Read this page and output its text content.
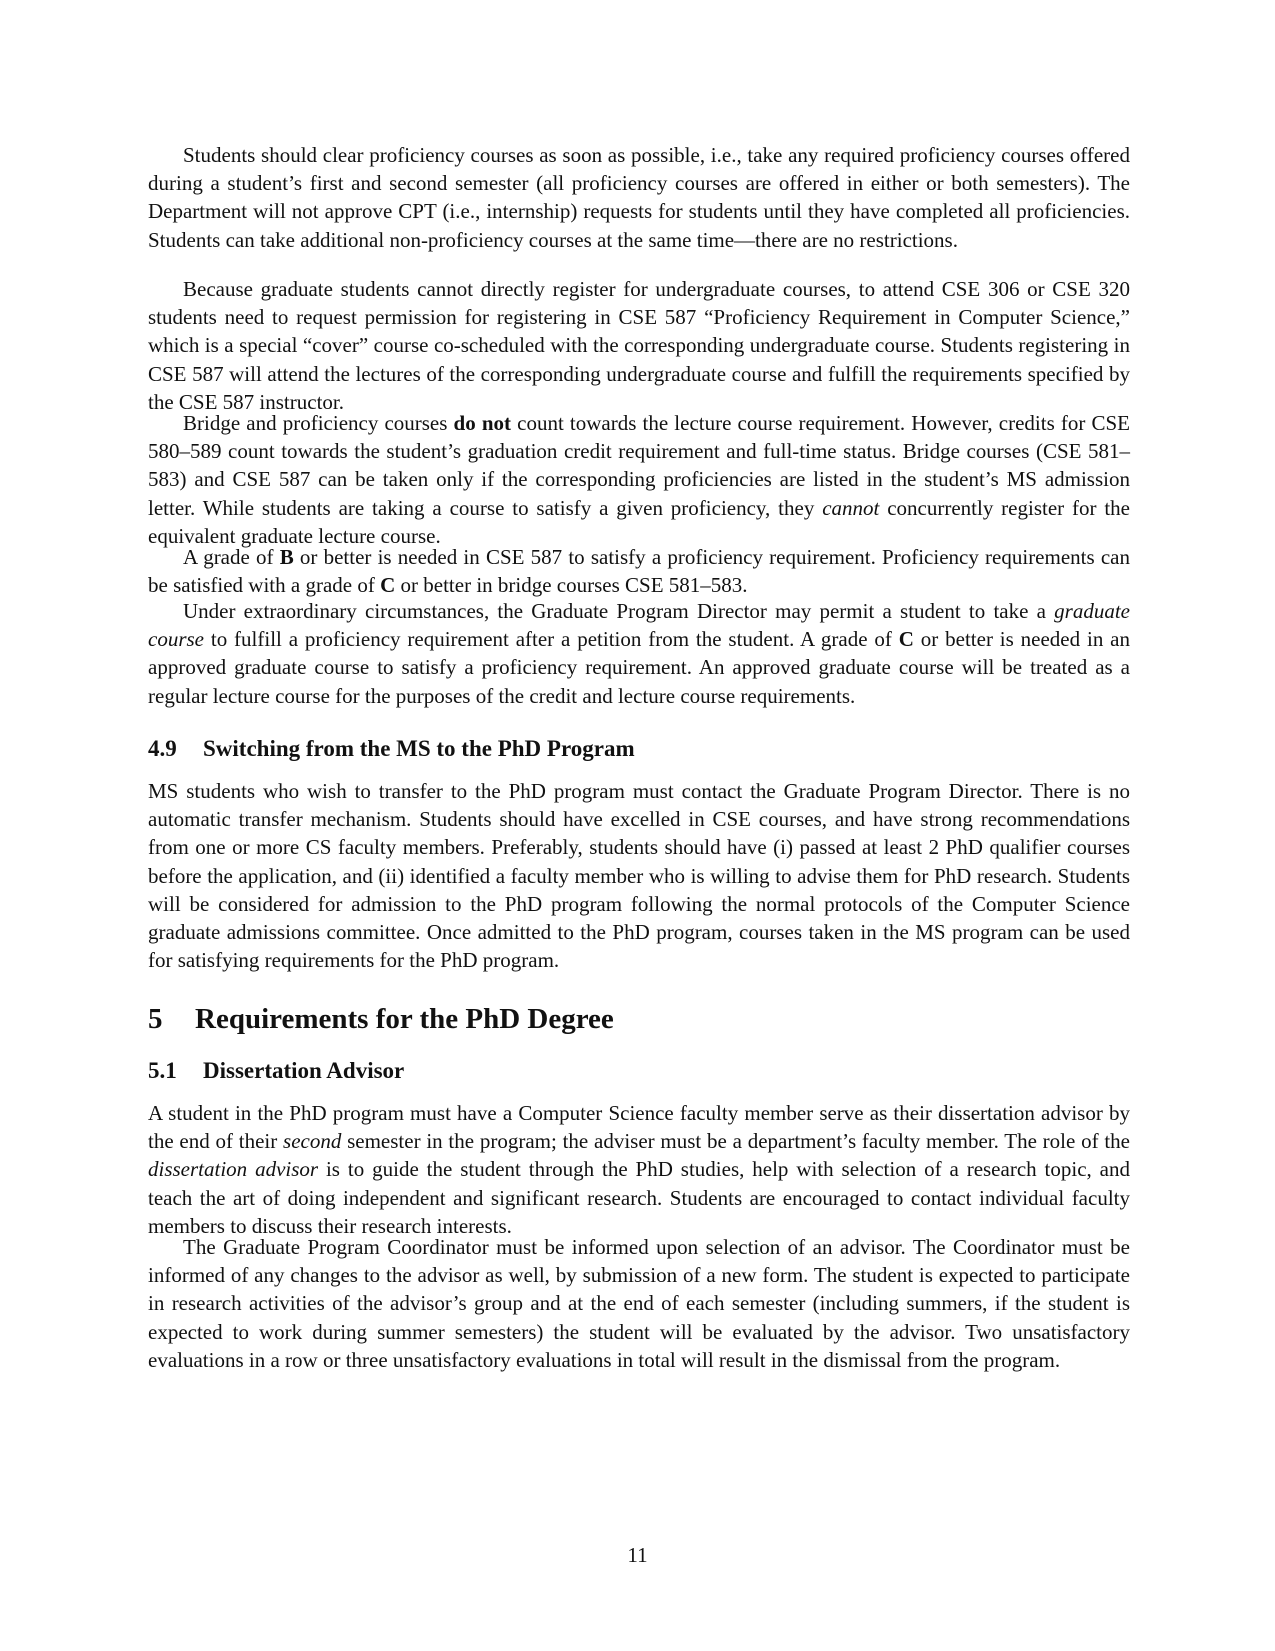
Students should clear proficiency courses as soon as possible, i.e., take any required proficiency courses offered during a student’s first and second semester (all proficiency courses are offered in either or both semesters). The Department will not approve CPT (i.e., internship) requests for students until they have completed all proficiencies. Students can take additional non-proficiency courses at the same time—there are no restrictions.

Because graduate students cannot directly register for undergraduate courses, to attend CSE 306 or CSE 320 students need to request permission for registering in CSE 587 “Proficiency Requirement in Computer Science,” which is a special “cover” course co-scheduled with the corresponding undergraduate course. Students registering in CSE 587 will attend the lectures of the corresponding undergraduate course and fulfill the requirements specified by the CSE 587 instructor.

Bridge and proficiency courses do not count towards the lecture course requirement. However, credits for CSE 580–589 count towards the student’s graduation credit requirement and full-time status. Bridge courses (CSE 581–583) and CSE 587 can be taken only if the corresponding proficiencies are listed in the student’s MS admission letter. While students are taking a course to satisfy a given proficiency, they cannot concurrently register for the equivalent graduate lecture course.

A grade of B or better is needed in CSE 587 to satisfy a proficiency requirement. Proficiency requirements can be satisfied with a grade of C or better in bridge courses CSE 581–583.

Under extraordinary circumstances, the Graduate Program Director may permit a student to take a graduate course to fulfill a proficiency requirement after a petition from the student. A grade of C or better is needed in an approved graduate course to satisfy a proficiency requirement. An approved graduate course will be treated as a regular lecture course for the purposes of the credit and lecture course requirements.

4.9 Switching from the MS to the PhD Program

MS students who wish to transfer to the PhD program must contact the Graduate Program Director. There is no automatic transfer mechanism. Students should have excelled in CSE courses, and have strong recommendations from one or more CS faculty members. Preferably, students should have (i) passed at least 2 PhD qualifier courses before the application, and (ii) identified a faculty member who is willing to advise them for PhD research. Students will be considered for admission to the PhD program following the normal protocols of the Computer Science graduate admissions committee. Once admitted to the PhD program, courses taken in the MS program can be used for satisfying requirements for the PhD program.

5 Requirements for the PhD Degree
5.1 Dissertation Advisor

A student in the PhD program must have a Computer Science faculty member serve as their dissertation advisor by the end of their second semester in the program; the adviser must be a department’s faculty member. The role of the dissertation advisor is to guide the student through the PhD studies, help with selection of a research topic, and teach the art of doing independent and significant research. Students are encouraged to contact individual faculty members to discuss their research interests.

The Graduate Program Coordinator must be informed upon selection of an advisor. The Coordinator must be informed of any changes to the advisor as well, by submission of a new form. The student is expected to participate in research activities of the advisor’s group and at the end of each semester (including summers, if the student is expected to work during summer semesters) the student will be evaluated by the advisor. Two unsatisfactory evaluations in a row or three unsatisfactory evaluations in total will result in the dismissal from the program.

11
